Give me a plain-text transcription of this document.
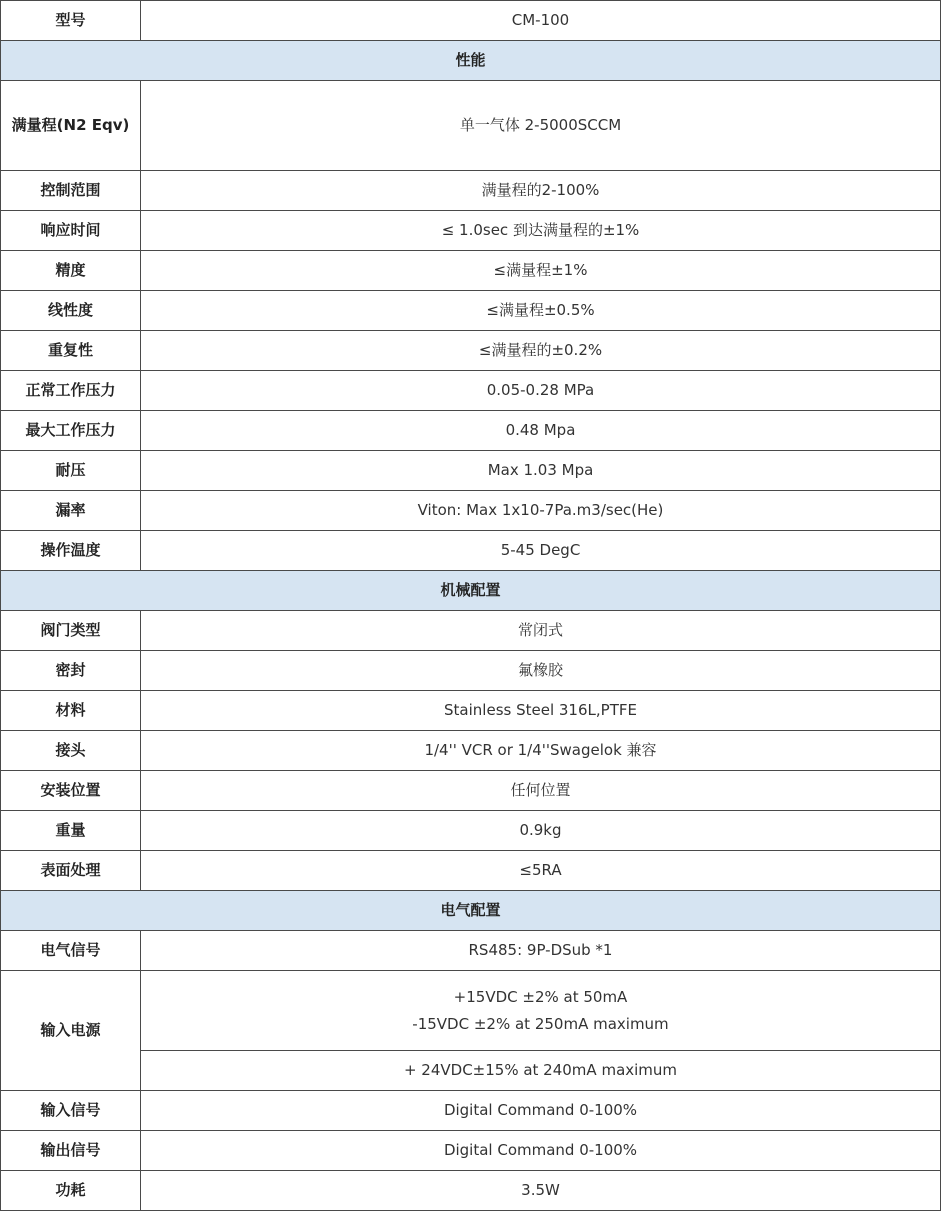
型号	CM-100
性能	
满量程(N2 Eqv)	单一气体 2-5000SCCM
控制范围	满量程的2-100%
响应时间	≤ 1.0sec 到达满量程的±1%
精度	≤满量程±1%
线性度	≤满量程±0.5%
重复性	≤满量程的±0.2%
正常工作压力	0.05-0.28 MPa
最大工作压力	0.48 Mpa
耐压	Max 1.03 Mpa
漏率	Viton: Max 1x10-7Pa.m3/sec(He)
操作温度	5-45 DegC
机械配置	
阀门类型	常闭式
密封	氟橡胶
材料	Stainless Steel 316L,PTFE
接头	1/4'' VCR or 1/4''Swagelok 兼容
安装位置	任何位置
重量	0.9kg
表面处理	≤5RA
电气配置	
电气信号	RS485: 9P-DSub *1
输入电源	+15VDC ±2% at 50mA
-15VDC ±2% at 250mA maximum

	+ 24VDC±15% at 240mA maximum
输入信号	Digital Command 0-100%
输出信号	Digital Command 0-100%
功耗	3.5W
